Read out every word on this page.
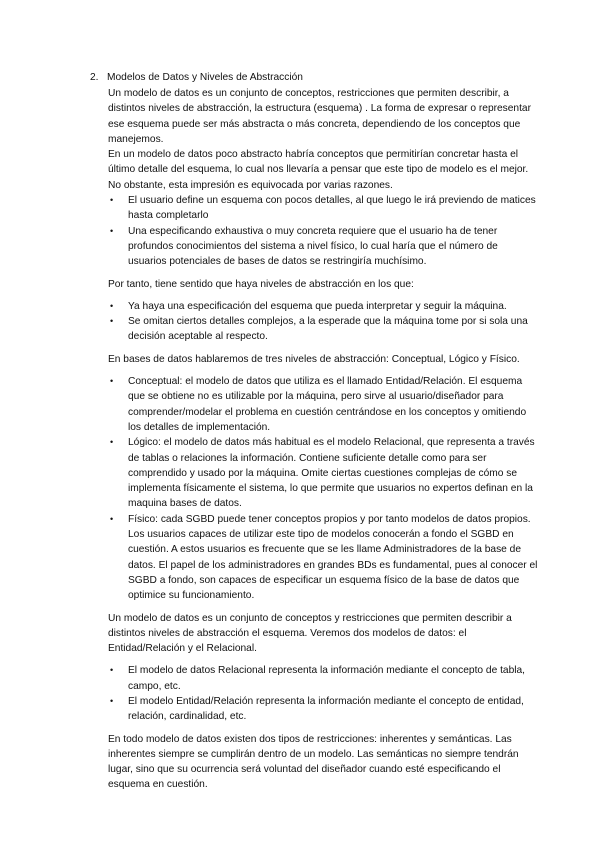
2. Modelos de Datos y Niveles de Abstracción

Un modelo de datos es un conjunto de conceptos, restricciones que permiten describir, a distintos niveles de abstracción, la estructura (esquema) . La forma de expresar o representar ese esquema puede ser más abstracta o más concreta, dependiendo de los conceptos que manejemos.

En un modelo de datos poco abstracto habría conceptos que permitirían concretar hasta el último detalle del esquema, lo cual nos llevaría a pensar que este tipo de modelo es el mejor. No obstante, esta impresión es equivocada por varias razones.

• El usuario define un esquema con pocos detalles, al que luego le irá previendo de matices hasta completarlo
• Una especificando exhaustiva o muy concreta requiere que el usuario ha de tener profundos conocimientos del sistema a nivel físico, lo cual haría que el número de usuarios potenciales de bases de datos se restringiría muchísimo.

Por tanto, tiene sentido que haya niveles de abstracción en los que:

• Ya haya una especificación del esquema que pueda interpretar y seguir la máquina.
• Se omitan ciertos detalles complejos, a la esperade que la máquina tome por si sola una decisión aceptable al respecto.

En bases de datos hablaremos de tres niveles de abstracción: Conceptual, Lógico y Físico.

• Conceptual: el modelo de datos que utiliza es el llamado Entidad/Relación. El esquema que se obtiene no es utilizable por la máquina, pero sirve al usuario/diseñador para comprender/modelar el problema en cuestión centrándose en los conceptos y omitiendo los detalles de implementación.
• Lógico: el modelo de datos más habitual es el modelo Relacional, que representa a través de tablas o relaciones la información. Contiene suficiente detalle como para ser comprendido y usado por la máquina. Omite ciertas cuestiones complejas de cómo se implementa físicamente el sistema, lo que permite que usuarios no expertos definan en la maquina bases de datos.
• Físico: cada SGBD puede tener conceptos propios y por tanto modelos de datos propios. Los usuarios capaces de utilizar este tipo de modelos conocerán a fondo el SGBD en cuestión. A estos usuarios es frecuente que se les llame Administradores de la base de datos. El papel de los administradores en grandes BDs es fundamental, pues al conocer el SGBD a fondo, son capaces de especificar un esquema físico de la base de datos que optimice su funcionamiento.

Un modelo de datos es un conjunto de conceptos y restricciones que permiten describir a distintos niveles de abstracción el esquema. Veremos dos modelos de datos: el Entidad/Relación y el Relacional.

• El modelo de datos Relacional representa la información mediante el concepto de tabla, campo, etc.
• El modelo Entidad/Relación representa la información mediante el concepto de entidad, relación, cardinalidad, etc.

En todo modelo de datos existen dos tipos de restricciones: inherentes y semánticas. Las inherentes siempre se cumplirán dentro de un modelo. Las semánticas no siempre tendrán lugar, sino que su ocurrencia será voluntad del diseñador cuando esté especificando el esquema en cuestión.
